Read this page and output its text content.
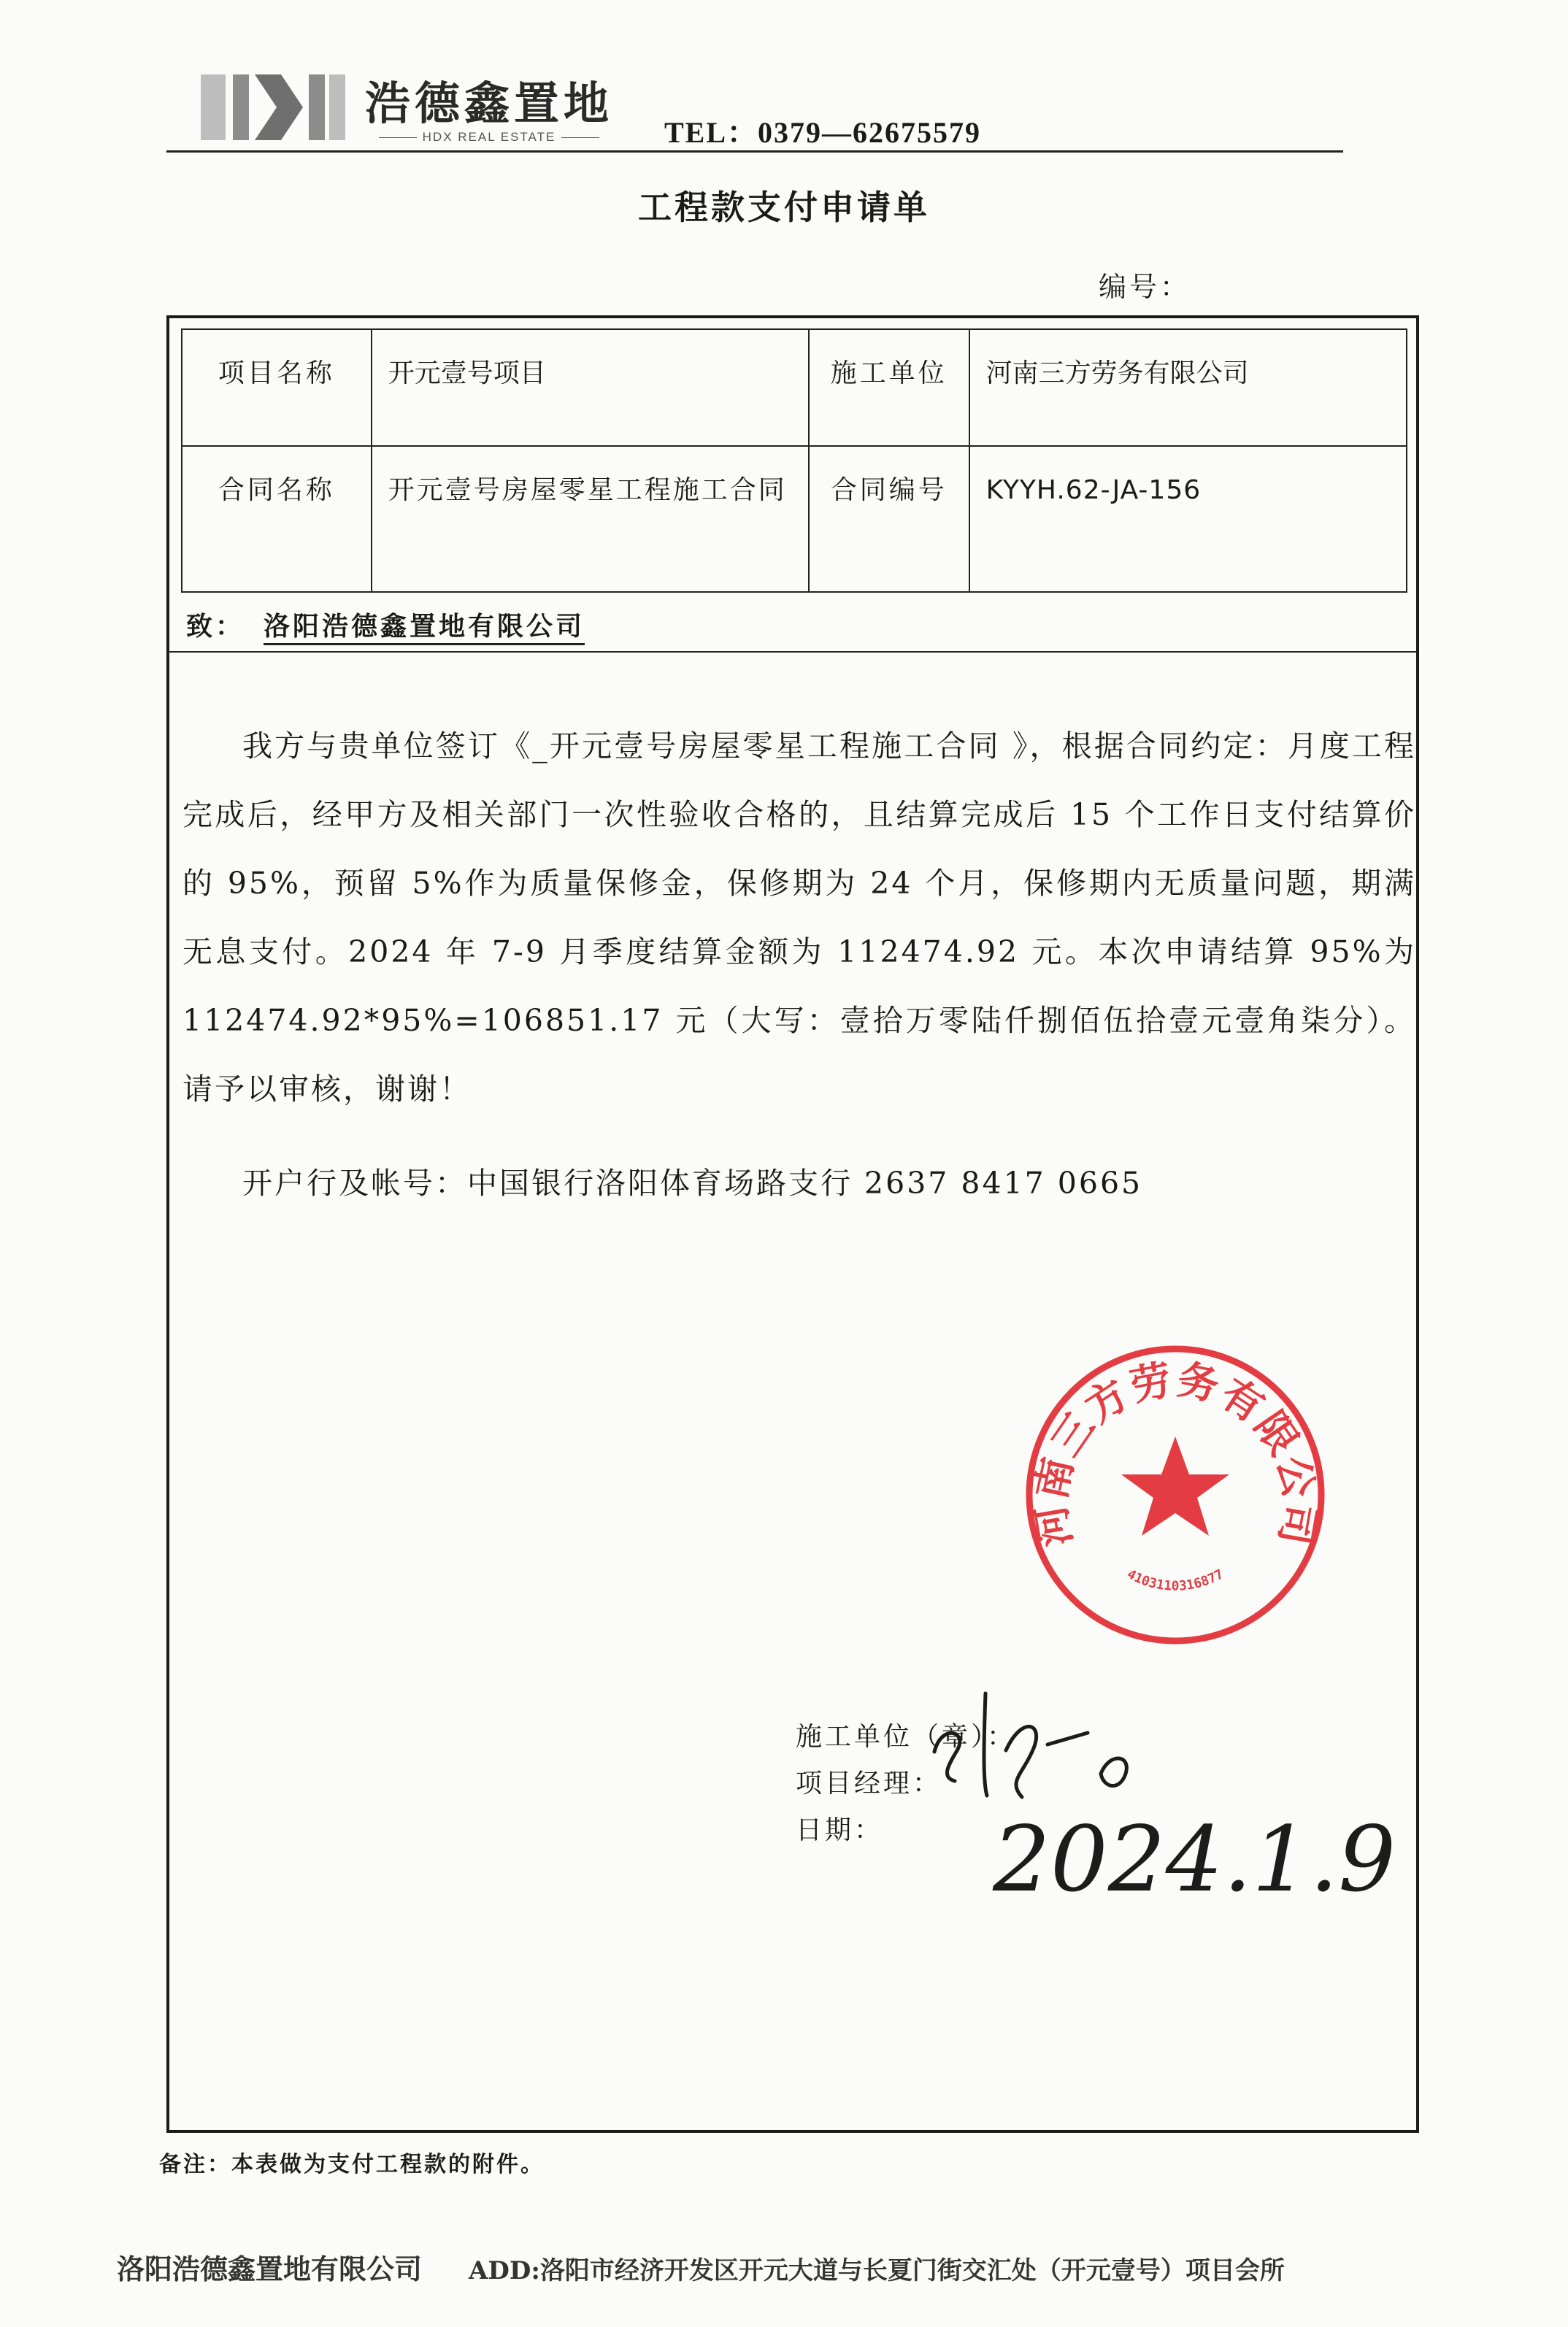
浩德鑫置地
HDX REAL ESTATE	TEL：0379—62675579
工程款支付申请单
编号：
项目名称	开元壹号项目	施工单位	河南三方劳务有限公司
合同名称	开元壹号房屋零星工程施工合同	合同编号	KYYH.62-JA-156
致： 洛阳浩德鑫置地有限公司

我方与贵单位签订《_开元壹号房屋零星工程施工合同 》，根据合同约定：月度工程完成后，经甲方及相关部门一次性验收合格的，且结算完成后 15 个工作日支付结算价的 95%，预留 5%作为质量保修金，保修期为 24 个月，保修期内无质量问题，期满无息支付。2024 年 7-9 月季度结算金额为 112474.92 元。本次申请结算 95%为 112474.92*95%=106851.17 元（大写：壹拾万零陆仟捌佰伍拾壹元壹角柒分）。请予以审核，谢谢！

开户行及帐号：中国银行洛阳体育场路支行 2637 8417 0665
河南三方劳务有限公司
4103110316877
施工单位（章）：
项目经理：
日期：	2024.1.9
备注：本表做为支付工程款的附件。
洛阳浩德鑫置地有限公司 ADD:洛阳市经济开发区开元大道与长夏门街交汇处（开元壹号）项目会所
